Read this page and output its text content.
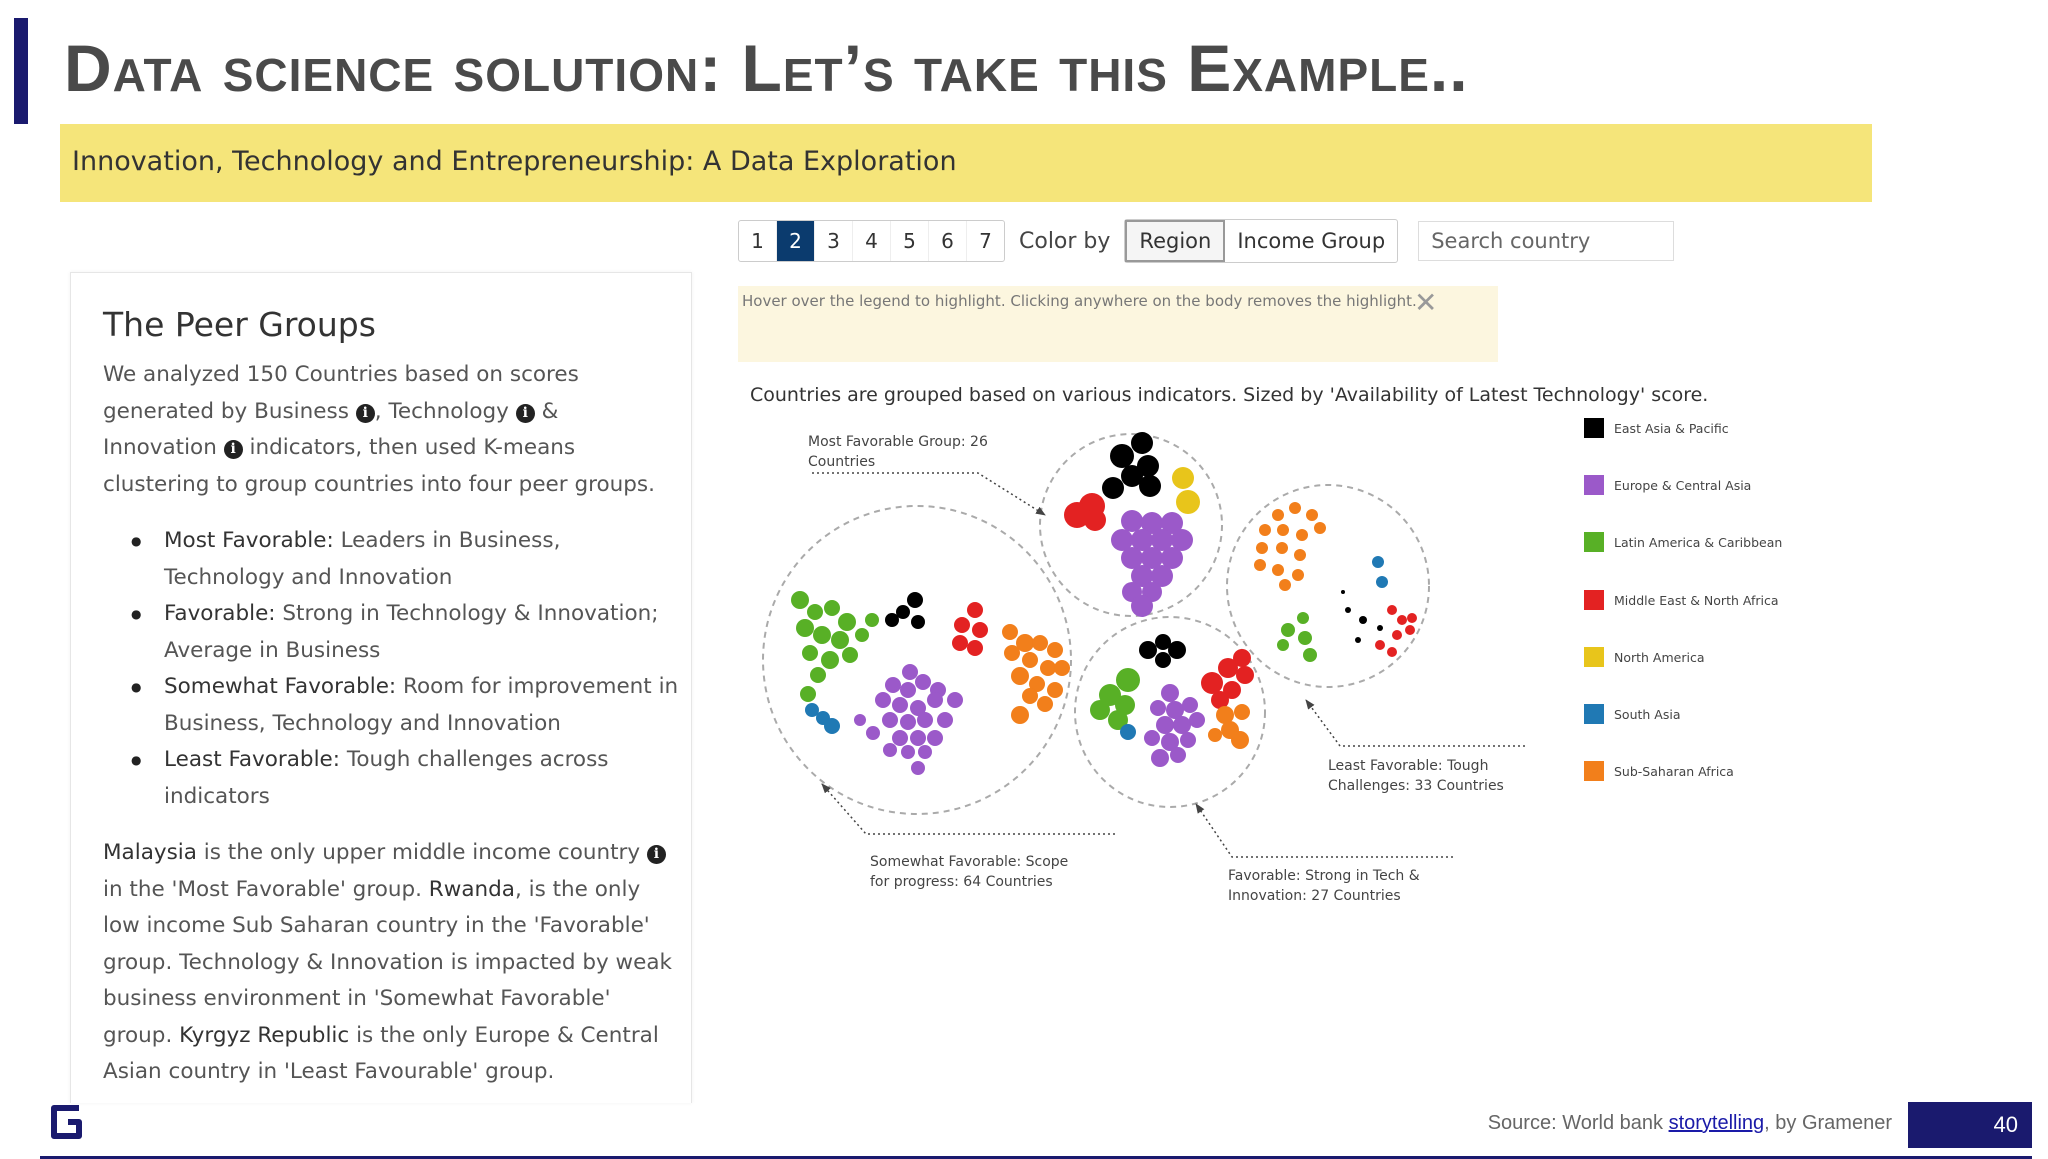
Data science solution: Let’s take this Example..
Innovation, Technology and Entrepreneurship: A Data Exploration
1	2	3	4	5	6	7	Color by	Region	Income Group	Search country
Hover over the legend to highlight. Clicking anywhere on the body removes the highlight.
✕
The Peer Groups
We analyzed 150 Countries based on scores generated by Business i , Technology i & Innovation i indicators, then used K-means clustering to group countries into four peer groups.
● Most Favorable: Leaders in Business, Technology and Innovation
● Favorable: Strong in Technology & Innovation; Average in Business
● Somewhat Favorable: Room for improvement in Business, Technology and Innovation
● Least Favorable: Tough challenges across indicators
Malaysia is the only upper middle income country i in the 'Most Favorable' group. Rwanda, is the only low income Sub Saharan country in the 'Favorable' group. Technology & Innovation is impacted by weak business environment in 'Somewhat Favorable' group. Kyrgyz Republic is the only Europe & Central Asian country in 'Least Favourable' group.
Countries are grouped based on various indicators. Sized by 'Availability of Latest Technology' score.
Most Favorable Group: 26
Countries
Somewhat Favorable: Scope
for progress: 64 Countries	Favorable: Strong in Tech &
Innovation: 27 Countries
Least Favorable: Tough
Challenges: 33 Countries
East Asia & Pacific
Europe & Central Asia
Latin America & Caribbean
Middle East & North Africa
North America
South Asia
Sub-Saharan Africa
Source: World bank storytelling, by Gramener	40
